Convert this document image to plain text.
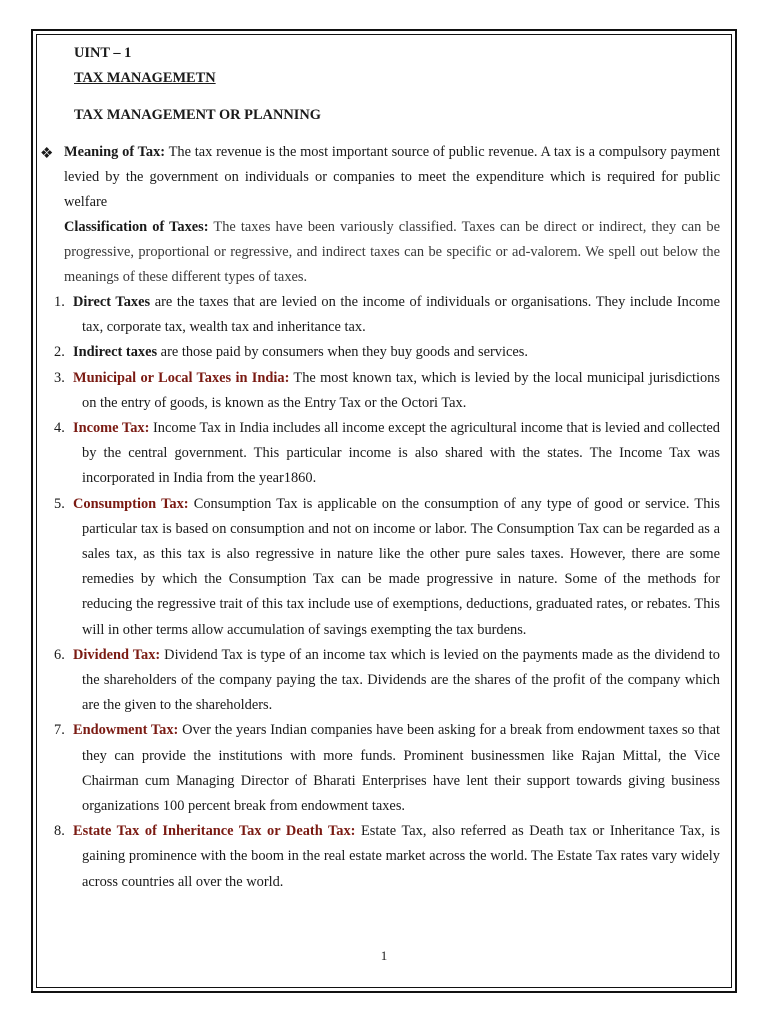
UINT – 1
TAX MANAGEMETN
TAX MANAGEMENT OR PLANNING
❖ Meaning of Tax: The tax revenue is the most important source of public revenue. A tax is a compulsory payment levied by the government on individuals or companies to meet the expenditure which is required for public welfare
Classification of Taxes: The taxes have been variously classified. Taxes can be direct or indirect, they can be progressive, proportional or regressive, and indirect taxes can be specific or ad-valorem. We spell out below the meanings of these different types of taxes.
1. Direct Taxes are the taxes that are levied on the income of individuals or organisations. They include Income tax, corporate tax, wealth tax and inheritance tax.
2. Indirect taxes are those paid by consumers when they buy goods and services.
3. Municipal or Local Taxes in India: The most known tax, which is levied by the local municipal jurisdictions on the entry of goods, is known as the Entry Tax or the Octori Tax.
4. Income Tax: Income Tax in India includes all income except the agricultural income that is levied and collected by the central government. This particular income is also shared with the states. The Income Tax was incorporated in India from the year1860.
5. Consumption Tax: Consumption Tax is applicable on the consumption of any type of good or service. This particular tax is based on consumption and not on income or labor. The Consumption Tax can be regarded as a sales tax, as this tax is also regressive in nature like the other pure sales taxes. However, there are some remedies by which the Consumption Tax can be made progressive in nature. Some of the methods for reducing the regressive trait of this tax include use of exemptions, deductions, graduated rates, or rebates. This will in other terms allow accumulation of savings exempting the tax burdens.
6. Dividend Tax: Dividend Tax is type of an income tax which is levied on the payments made as the dividend to the shareholders of the company paying the tax. Dividends are the shares of the profit of the company which are the given to the shareholders.
7. Endowment Tax: Over the years Indian companies have been asking for a break from endowment taxes so that they can provide the institutions with more funds. Prominent businessmen like Rajan Mittal, the Vice Chairman cum Managing Director of Bharati Enterprises have lent their support towards giving business organizations 100 percent break from endowment taxes.
8. Estate Tax of Inheritance Tax or Death Tax: Estate Tax, also referred as Death tax or Inheritance Tax, is gaining prominence with the boom in the real estate market across the world. The Estate Tax rates vary widely across countries all over the world.
1
